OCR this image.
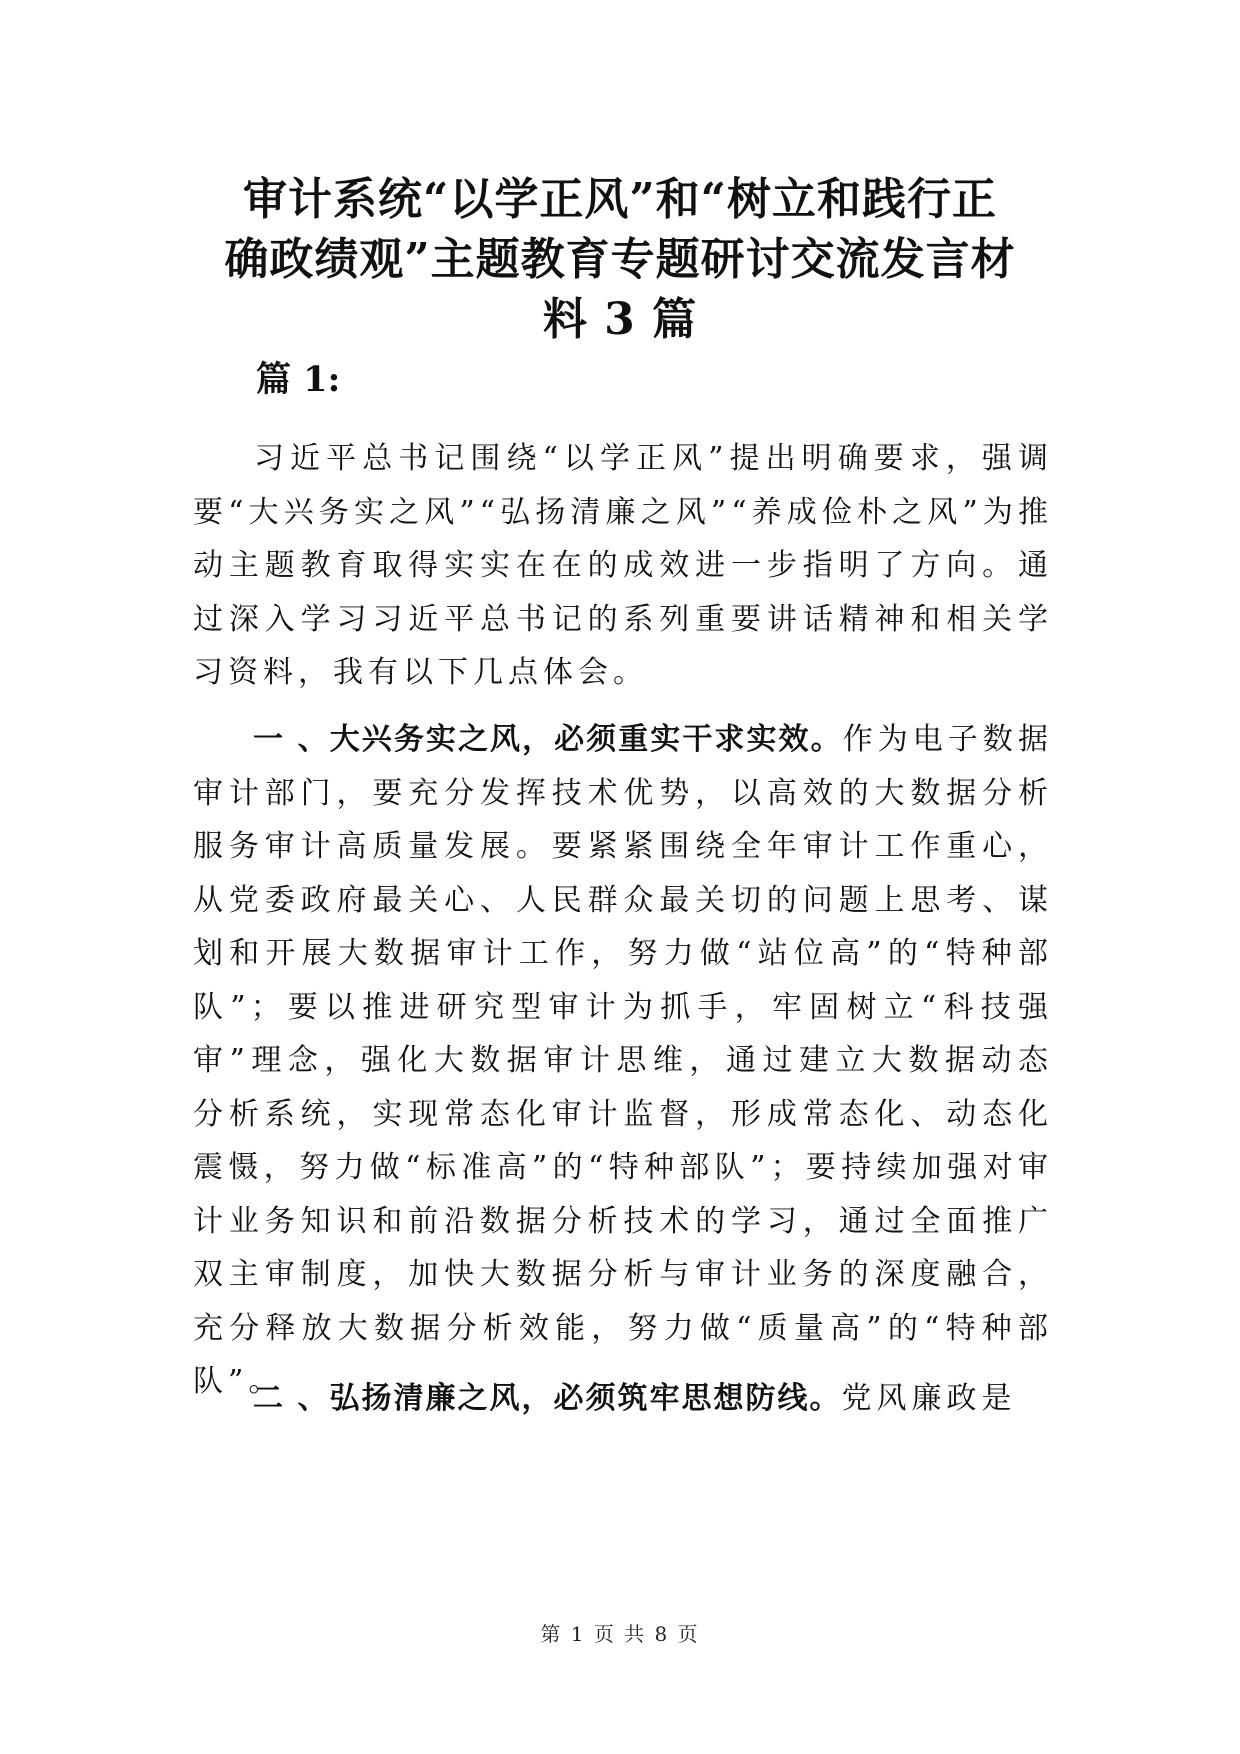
审计系统“以学正风”和“树立和践行正
确政绩观”主题教育专题研讨交流发言材
料 3 篇
篇 1:

习近平总书记围绕“以学正风”提出明确要求，强调要“大兴务实之风”“弘扬清廉之风”“养成俭朴之风”为推动主题教育取得实实在在的成效进一步指明了方向。通过深入学习习近平总书记的系列重要讲话精神和相关学习资料，我有以下几点体会。

一 、大兴务实之风，必须重实干求实效。作为电子数据审计部门，要充分发挥技术优势，以高效的大数据分析服务审计高质量发展。要紧紧围绕全年审计工作重心，从党委政府最关心、人民群众最关切的问题上思考、谋划和开展大数据审计工作，努力做“站位高”的“特种部队”；要以推进研究型审计为抓手，牢固树立“科技强审”理念，强化大数据审计思维，通过建立大数据动态分析系统，实现常态化审计监督，形成常态化、动态化震慑，努力做“标准高”的“特种部队”；要持续加强对审计业务知识和前沿数据分析技术的学习，通过全面推广双主审制度，加快大数据分析与审计业务的深度融合，充分释放大数据分析效能，努力做“质量高”的“特种部队”。

二 、弘扬清廉之风，必须筑牢思想防线。党风廉政是

第 1 页 共 8 页
